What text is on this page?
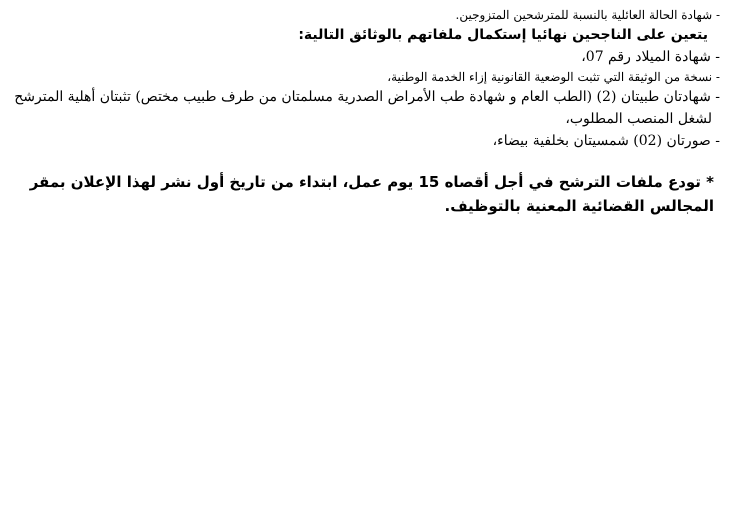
- شهادة الحالة العائلية بالنسبة للمترشحين المتزوجين.

يتعين على الناجحين نهائيا إستكمال ملفاتهم بالوثائق التالية:

- شهادة الميلاد رقم 07،

- نسخة من الوثيقة التي تثبت الوضعية القانونية إزاء الخدمة الوطنية،

- شهادتان طبيتان (2) (الطب العام و شهادة طب الأمراض الصدرية مسلمتان من طرف طبيب مختص) تثبتان أهلية المترشح لشغل المنصب المطلوب،

- صورتان (02) شمسيتان بخلفية بيضاء،

* تودع ملفات الترشح في أجل أقصاه 15 يوم عمل، ابتداء من تاريخ أول نشر لهذا الإعلان بمقر المجالس القضائية المعنية بالتوظيف.
